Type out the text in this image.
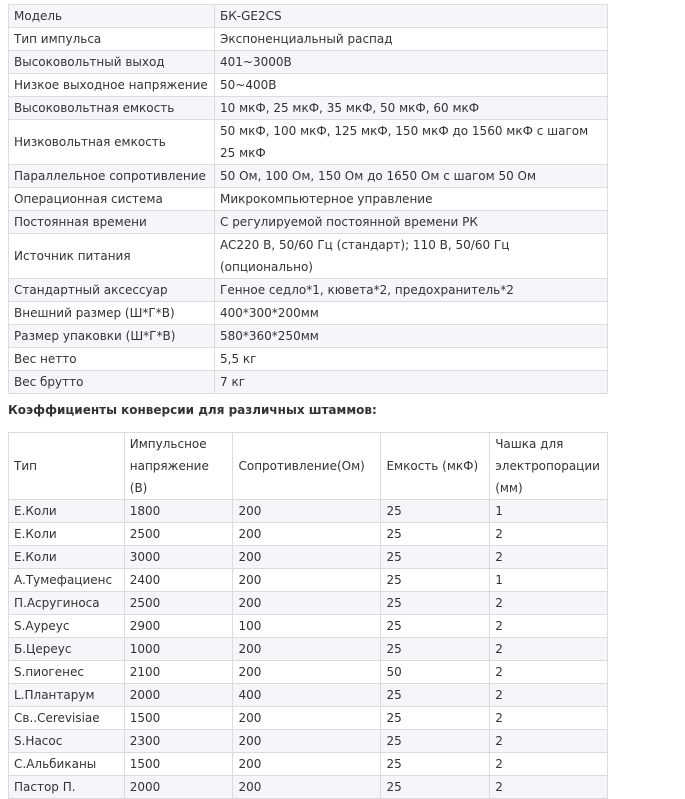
Модель	БК-GE2CS
Тип импульса	Экспоненциальный распад
Высоковольтный выход	401~3000В
Низкое выходное напряжение	50~400В
Высоковольтная емкость	10 мкФ, 25 мкФ, 35 мкФ, 50 мкФ, 60 мкФ
Низковольтная емкость	50 мкФ, 100 мкФ, 125 мкФ, 150 мкФ до 1560 мкФ с шагом 25 мкФ
Параллельное сопротивление	50 Ом, 100 Ом, 150 Ом до 1650 Ом с шагом 50 Ом
Операционная система	Микрокомпьютерное управление
Постоянная времени	С регулируемой постоянной времени РК
Источник питания	AC220 В, 50/60 Гц (стандарт); 110 В, 50/60 Гц (опционально)
Стандартный аксессуар	Генное седло*1, кювета*2, предохранитель*2
Внешний размер (Ш*Г*В)	400*300*200мм
Размер упаковки (Ш*Г*В)	580*360*250мм
Вес нетто	5,5 кг
Вес брутто	7 кг
Коэффициенты конверсии для различных штаммов:
Тип	Импульсное напряжение (В)	Сопротивление(Ом)	Емкость (мкФ)	Чашка для электропорации (мм)
E.Коли	1800	200	25	1
E.Коли	2500	200	25	2
E.Коли	3000	200	25	2
A.Тумефациенс	2400	200	25	1
П.Асругиноса	2500	200	25	2
S.Ауреус	2900	100	25	2
Б.Цереус	1000	200	25	2
S.пиогенес	2100	200	50	2
L.Плантарум	2000	400	25	2
Св..Cerevisiae	1500	200	25	2
S.Насос	2300	200	25	2
С.Альбиканы	1500	200	25	2
Пастор П.	2000	200	25	2
